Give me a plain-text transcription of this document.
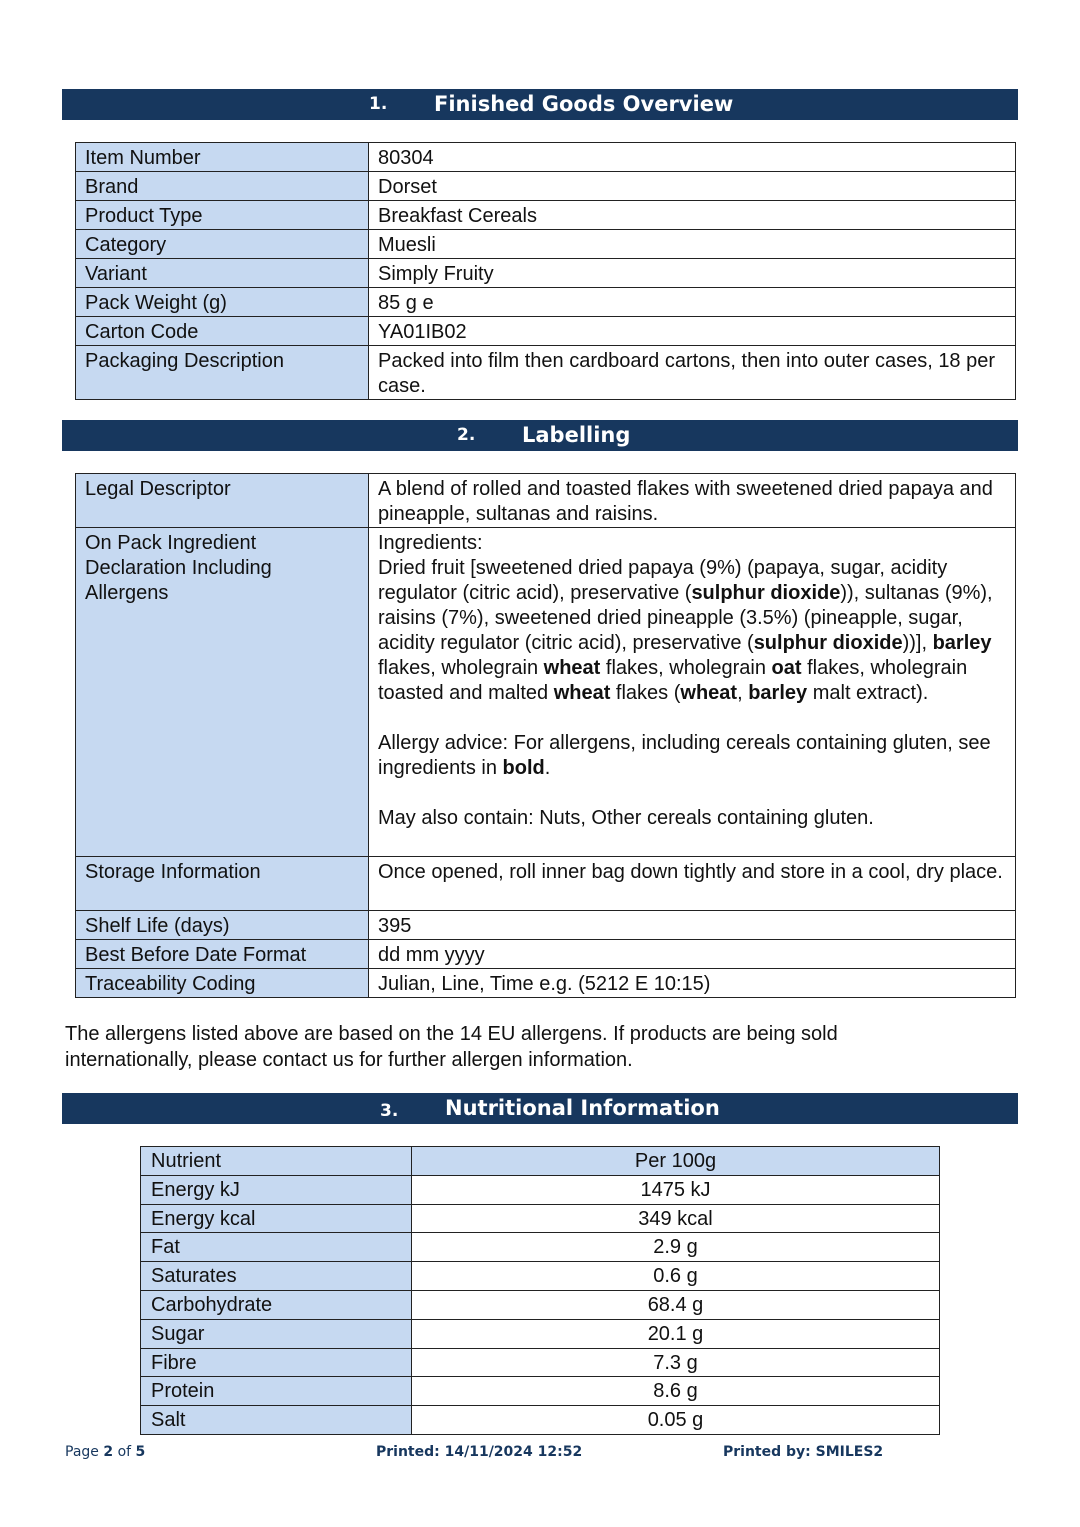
1. Finished Goods Overview
Item Number	80304
Brand	Dorset
Product Type	Breakfast Cereals
Category	Muesli
Variant	Simply Fruity
Pack Weight (g)	85 g e
Carton Code	YA01IB02
Packaging Description	Packed into film then cardboard cartons, then into outer cases, 18 per case.
2. Labelling
Legal Descriptor	A blend of rolled and toasted flakes with sweetened dried papaya and pineapple, sultanas and raisins.
On Pack Ingredient Declaration Including Allergens	Ingredients:

Dried fruit [sweetened dried papaya (9%) (papaya, sugar, acidity regulator (citric acid), preservative (sulphur dioxide)), sultanas (9%), raisins (7%), sweetened dried pineapple (3.5%) (pineapple, sugar, acidity regulator (citric acid), preservative (sulphur dioxide))], barley flakes, wholegrain wheat flakes, wholegrain oat flakes, wholegrain toasted and malted wheat flakes (wheat, barley malt extract).

Allergy advice: For allergens, including cereals containing gluten, see ingredients in bold.

May also contain: Nuts, Other cereals containing gluten.

Storage Information	Once opened, roll inner bag down tightly and store in a cool, dry place.
Shelf Life (days)	395
Best Before Date Format	dd mm yyyy
Traceability Coding	Julian, Line, Time e.g. (5212 E 10:15)

The allergens listed above are based on the 14 EU allergens. If products are being sold internationally, please contact us for further allergen information.

3. Nutritional Information
Nutrient	Per 100g
Energy kJ	1475 kJ
Energy kcal	349 kcal
Fat	2.9 g
Saturates	0.6 g
Carbohydrate	68.4 g
Sugar	20.1 g
Fibre	7.3 g
Protein	8.6 g
Salt	0.05 g
Page 2 of 5	Printed: 14/11/2024 12:52	Printed by: SMILES2
